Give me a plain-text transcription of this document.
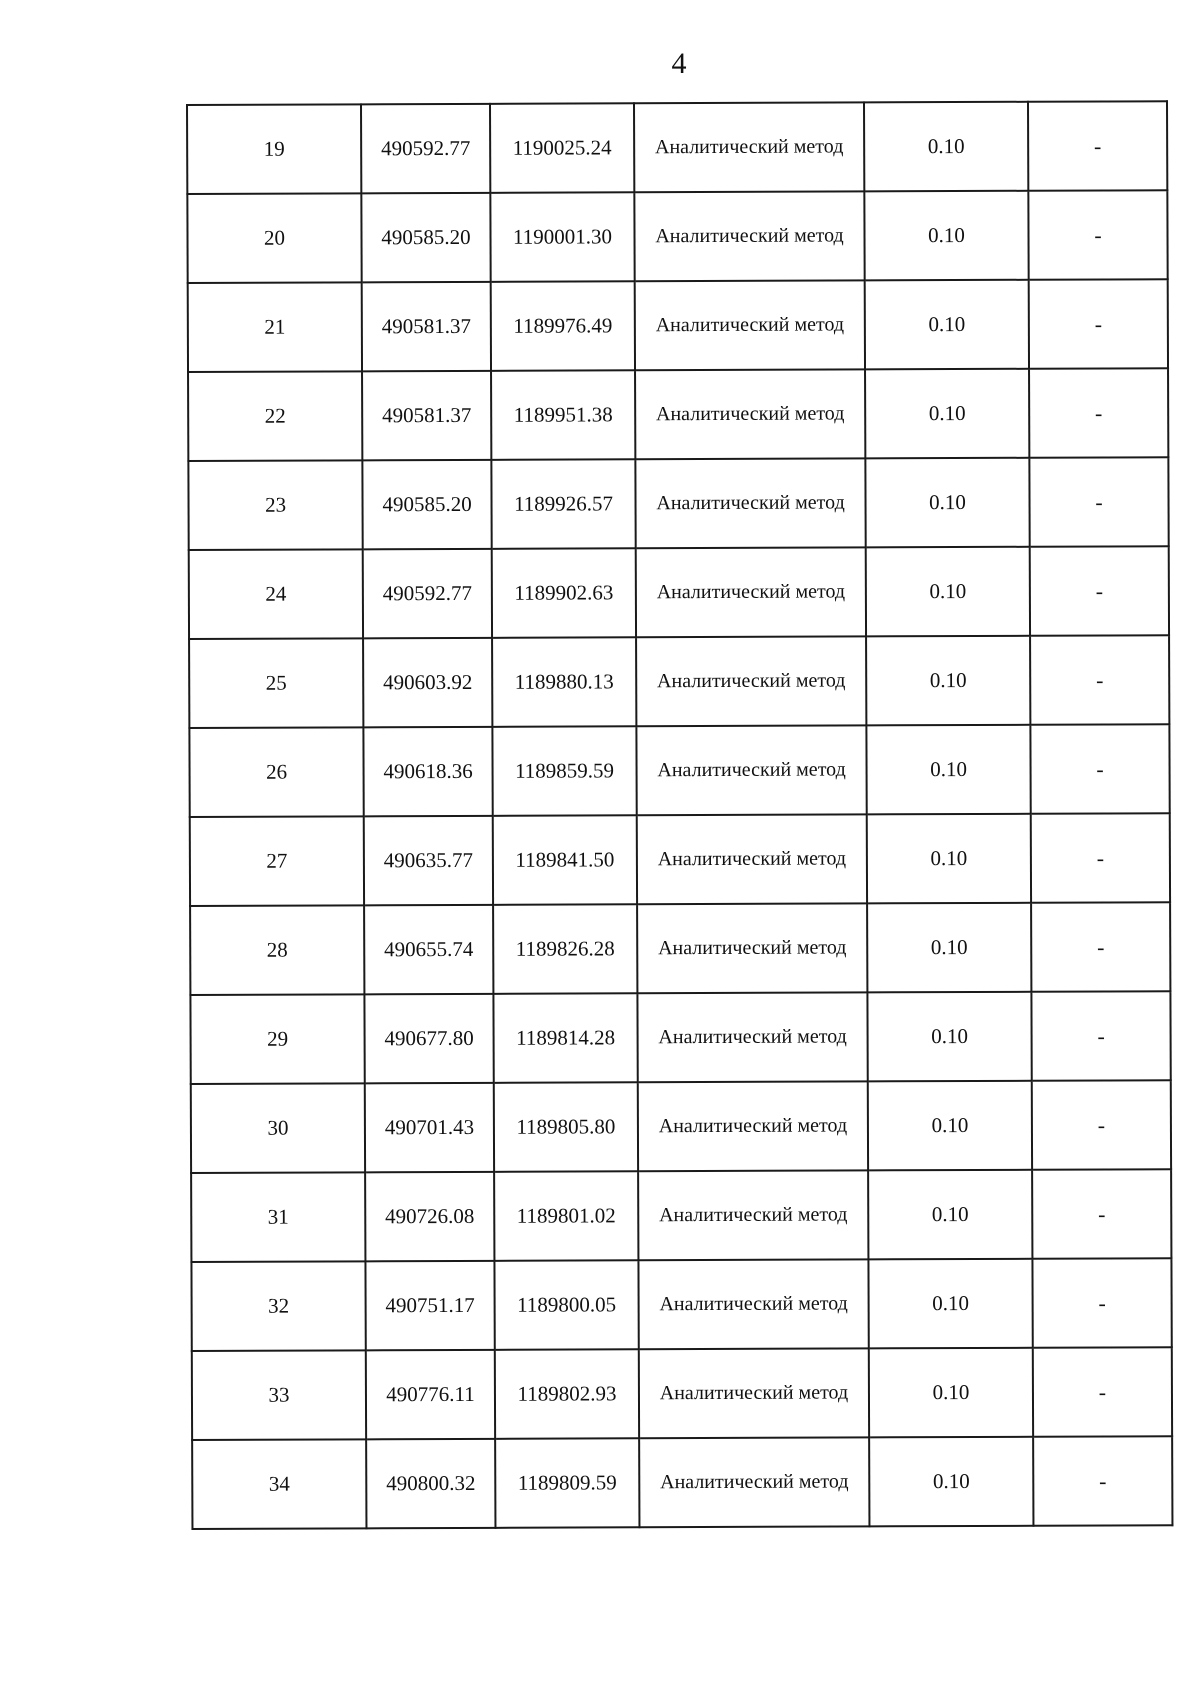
4
19	490592.77	1190025.24	Аналитический метод	0.10	-
20	490585.20	1190001.30	Аналитический метод	0.10	-
21	490581.37	1189976.49	Аналитический метод	0.10	-
22	490581.37	1189951.38	Аналитический метод	0.10	-
23	490585.20	1189926.57	Аналитический метод	0.10	-
24	490592.77	1189902.63	Аналитический метод	0.10	-
25	490603.92	1189880.13	Аналитический метод	0.10	-
26	490618.36	1189859.59	Аналитический метод	0.10	-
27	490635.77	1189841.50	Аналитический метод	0.10	-
28	490655.74	1189826.28	Аналитический метод	0.10	-
29	490677.80	1189814.28	Аналитический метод	0.10	-
30	490701.43	1189805.80	Аналитический метод	0.10	-
31	490726.08	1189801.02	Аналитический метод	0.10	-
32	490751.17	1189800.05	Аналитический метод	0.10	-
33	490776.11	1189802.93	Аналитический метод	0.10	-
34	490800.32	1189809.59	Аналитический метод	0.10	-
